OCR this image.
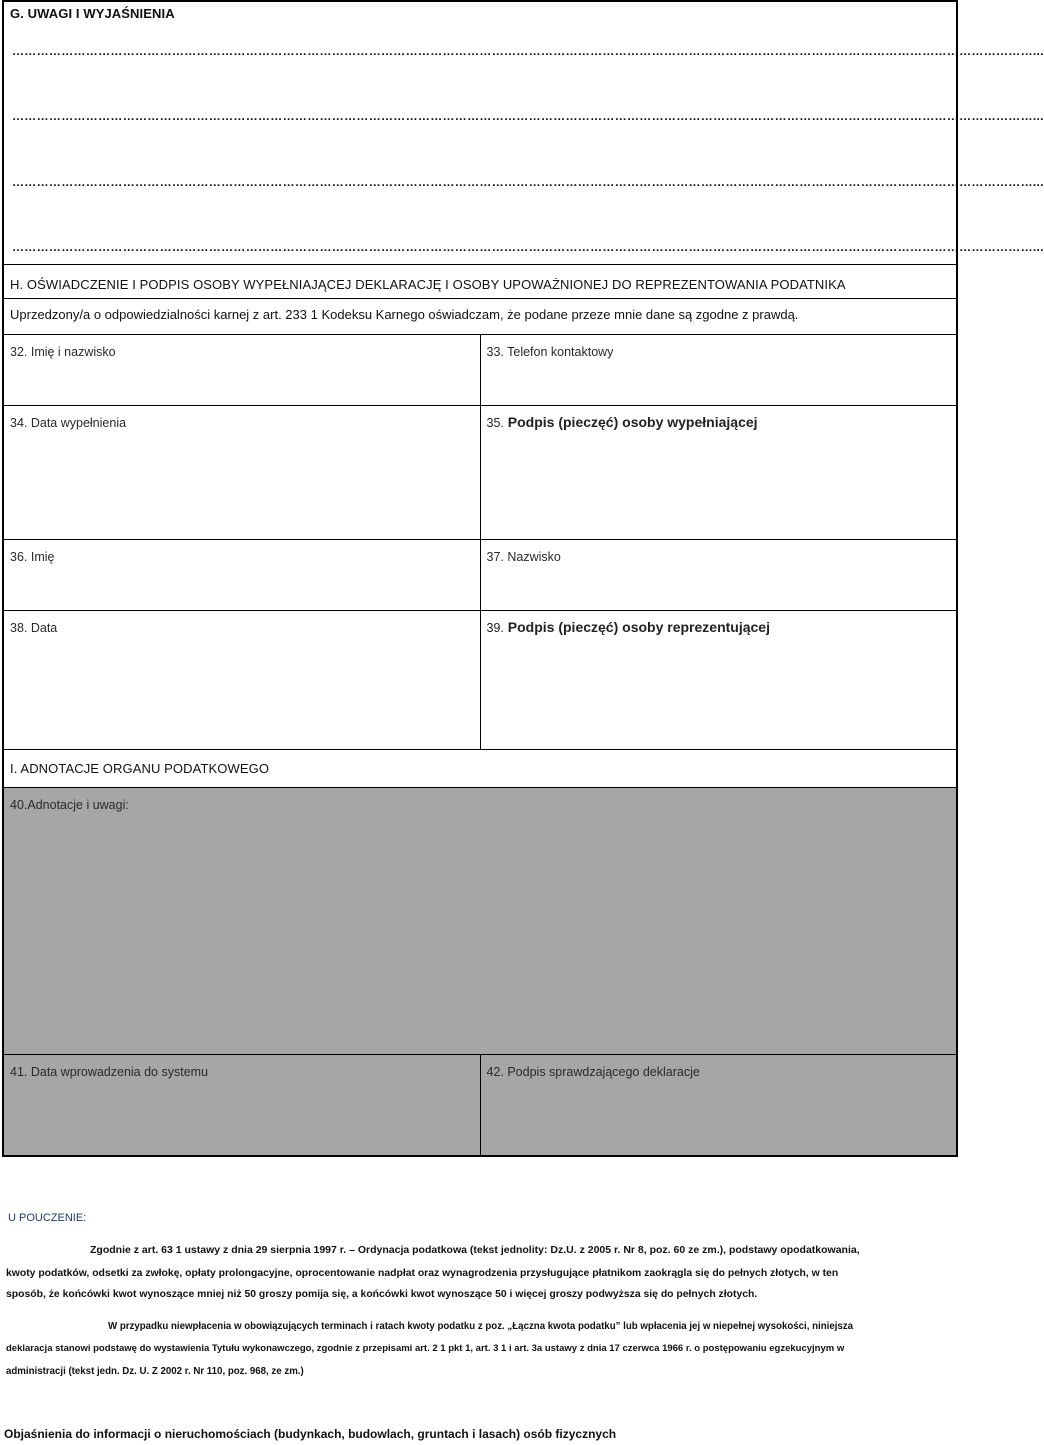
G. UWAGI I WYJAŚNIENIA
……………………………………………………………………………………………………………………………………………………………………………………………………………………………...
……………………………………………………………………………………………………………………………………………………………………………………………………………………………...
……………………………………………………………………………………………………………………………………………………………………………………………………………………………...
……………………………………………………………………………………………………………………………………………………………………………………………………………………………...
H. OŚWIADCZENIE I PODPIS OSOBY WYPEŁNIAJĄCEJ DEKLARACJĘ I OSOBY UPOWAŻNIONEJ DO REPREZENTOWANIA PODATNIKA
Uprzedzony/a o odpowiedzialności karnej z art. 233 1 Kodeksu Karnego oświadczam, że podane przeze mnie dane są zgodne z prawdą.
32. Imię i nazwisko	33. Telefon kontaktowy
34. Data wypełnienia	35. Podpis (pieczęć) osoby wypełniającej
36. Imię	37. Nazwisko
38. Data	39. Podpis (pieczęć) osoby reprezentującej
I. ADNOTACJE ORGANU PODATKOWEGO
40.Adnotacje i uwagi:
41. Data wprowadzenia do systemu	42. Podpis sprawdzającego deklaracje
U POUCZENIE:
Zgodnie z art. 63 1 ustawy z dnia 29 sierpnia 1997 r. – Ordynacja podatkowa (tekst jednolity: Dz.U. z 2005 r. Nr 8, poz. 60 ze zm.), podstawy opodatkowania,
kwoty podatków, odsetki za zwłokę, opłaty prolongacyjne, oprocentowanie nadpłat oraz wynagrodzenia przysługujące płatnikom zaokrągla się do pełnych złotych, w ten
sposób, że końcówki kwot wynoszące mniej niż 50 groszy pomija się, a końcówki kwot wynoszące 50 i więcej groszy podwyższa się do pełnych złotych.
W przypadku niewpłacenia w obowiązujących terminach i ratach kwoty podatku z poz. „Łączna kwota podatku” lub wpłacenia jej w niepełnej wysokości, niniejsza
deklaracja stanowi podstawę do wystawienia Tytułu wykonawczego, zgodnie z przepisami art. 2 1 pkt 1, art. 3 1 i art. 3a ustawy z dnia 17 czerwca 1966 r. o postępowaniu egzekucyjnym w
administracji (tekst jedn. Dz. U. Z 2002 r. Nr 110, poz. 968, ze zm.)
Objaśnienia do informacji o nieruchomościach (budynkach, budowlach, gruntach i lasach) osób fizycznych
